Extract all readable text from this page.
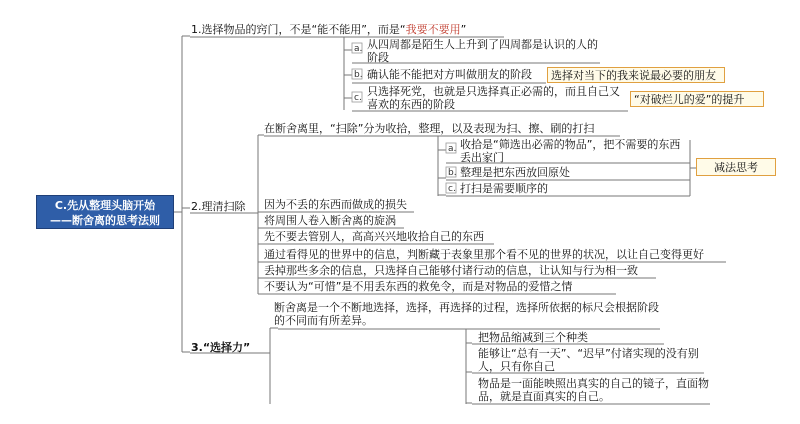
C.先从整理头脑开始
——断舍离的思考法则
1.选择物品的窍门，不是“能不能用”，而是“我要不要用”
a. 从四周都是陌生人上升到了四周都是认识的人的阶段
b. 确认能不能把对方叫做朋友的阶段	选择对当下的我来说最必要的朋友
c. 只选择死党，也就是只选择真正必需的，而且自己又喜欢的东西的阶段	“对破烂儿的爱”的提升
2.理清扫除
在断舍离里，“扫除”分为收拾，整理，以及表现为扫、擦、刷的打扫
a. 收拾是“筛选出必需的物品”，把不需要的东西丢出家门
b. 整理是把东西放回原处
c. 打扫是需要顺序的
减法思考
因为不丢的东西而做成的损失
将周围人卷入断舍离的旋涡
先不要去管别人，高高兴兴地收拾自己的东西
通过看得见的世界中的信息，判断藏于表象里那个看不见的世界的状况，以让自己变得更好
丢掉那些多余的信息，只选择自己能够付诸行动的信息，让认知与行为相一致
不要认为“可惜”是不用丢东西的救免令，而是对物品的爱惜之情
3.“选择力”
断舍离是一个不断地选择，选择，再选择的过程，选择所依据的标尺会根据阶段的不同而有所差异。
把物品缩减到三个种类
能够让“总有一天”、“迟早”付诸实现的没有别人，只有你自己
物品是一面能映照出真实的自己的镜子，直面物品，就是直面真实的自己。
